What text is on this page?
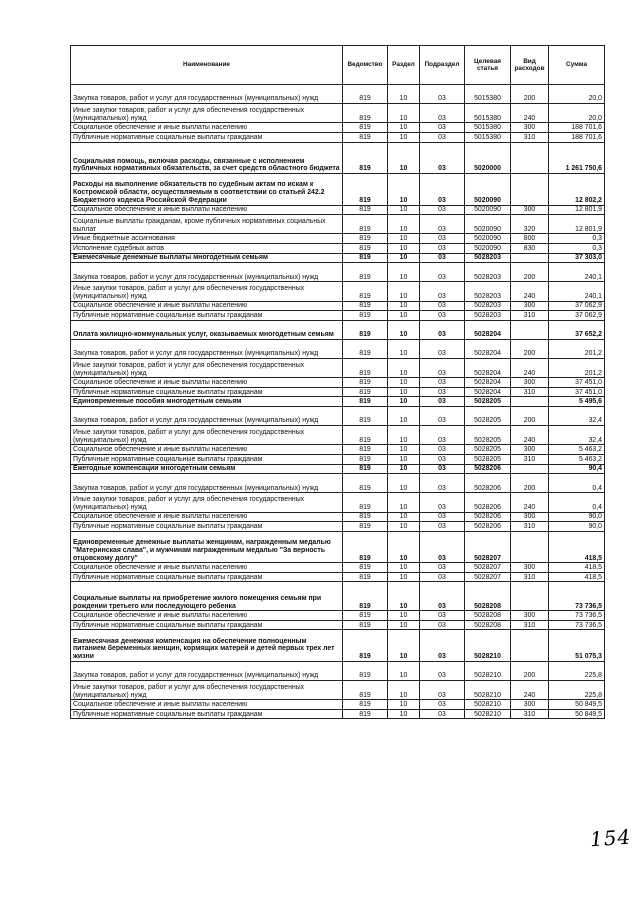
Наименование	Ведомство	Раздел	Подраздел	Целевая статья	Вид расходов	Сумма
Закупка товаров, работ и услуг для государственных (муниципальных) нужд	819	10	03	5015380	200	20,0
Иные закупки товаров, работ и услуг для обеспечения государственных (муниципальных) нужд	819	10	03	5015380	240	20,0
Социальное обеспечение и иные выплаты населению	819	10	03	5015380	300	188 701,6
Публичные нормативные социальные выплаты гражданам	819	10	03	5015380	310	188 701,6
Социальная помощь, включая расходы, связанные с исполнением публичных нормативных обязательств, за счет средств областного бюджета	819	10	03	5020000		1 261 750,6
Расходы на выполнение обязательств по судебным актам по искам к Костромской области, осуществляемым в соответствии со статьей 242.2 Бюджетного кодекса Российской Федерации	819	10	03	5020090		12 802,2
Социальное обеспечение и иные выплаты населению	819	10	03	5020090	300	12 801,9
Социальные выплаты гражданам, кроме публичных нормативных социальных выплат	819	10	03	5020090	320	12 801,9
Иные бюджетные ассигнования	819	10	03	5020090	800	0,3
Исполнение судебных актов	819	10	03	5020090	830	0,3
Ежемесячные денежные выплаты многодетным семьям	819	10	03	5028203		37 303,0
Закупка товаров, работ и услуг для государственных (муниципальных) нужд	819	10	03	5028203	200	240,1
Иные закупки товаров, работ и услуг для обеспечения государственных (муниципальных) нужд	819	10	03	5028203	240	240,1
Социальное обеспечение и иные выплаты населению	819	10	03	5028203	300	37 062,9
Публичные нормативные социальные выплаты гражданам	819	10	03	5028203	310	37 062,9
Оплата жилищно-коммунальных услуг, оказываемых многодетным семьям	819	10	03	5028204		37 652,2
Закупка товаров, работ и услуг для государственных (муниципальных) нужд	819	10	03	5028204	200	201,2
Иные закупки товаров, работ и услуг для обеспечения государственных (муниципальных) нужд	819	10	03	5028204	240	201,2
Социальное обеспечение и иные выплаты населению	819	10	03	5028204	300	37 451,0
Публичные нормативные социальные выплаты гражданам	819	10	03	5028204	310	37 451,0
Единовременные пособия многодетным семьям	819	10	03	5028205		5 495,6
Закупка товаров, работ и услуг для государственных (муниципальных) нужд	819	10	03	5028205	200	32,4
Иные закупки товаров, работ и услуг для обеспечения государственных (муниципальных) нужд	819	10	03	5028205	240	32,4
Социальное обеспечение и иные выплаты населению	819	10	03	5028205	300	5 463,2
Публичные нормативные социальные выплаты гражданам	819	10	03	5028205	310	5 463,2
Ежегодные компенсации многодетным семьям	819	10	03	5028206		90,4
Закупка товаров, работ и услуг для государственных (муниципальных) нужд	819	10	03	5028206	200	0,4
Иные закупки товаров, работ и услуг для обеспечения государственных (муниципальных) нужд	819	10	03	5028206	240	0,4
Социальное обеспечение и иные выплаты населению	819	10	03	5028206	300	90,0
Публичные нормативные социальные выплаты гражданам	819	10	03	5028206	310	90,0
Единовременные денежные выплаты женщинам, награжденным медалью "Материнская слава", и мужчинам награжденным медалью "За верность отцовскому долгу"	819	10	03	5028207		418,5
Социальное обеспечение и иные выплаты населению	819	10	03	5028207	300	418,5
Публичные нормативные социальные выплаты гражданам	819	10	03	5028207	310	418,5
Социальные выплаты на приобретение жилого помещения семьям при рождении третьего или последующего ребенка	819	10	03	5028208		73 736,5
Социальное обеспечение и иные выплаты населению	819	10	03	5028208	300	73 736,5
Публичные нормативные социальные выплаты гражданам	819	10	03	5028208	310	73 736,5
Ежемесячная денежная компенсация на обеспечение полноценным питанием беременных женщин, кормящих матерей и детей первых трех лет жизни	819	10	03	5028210		51 075,3
Закупка товаров, работ и услуг для государственных (муниципальных) нужд	819	10	03	5028210	200	225,8
Иные закупки товаров, работ и услуг для обеспечения государственных (муниципальных) нужд	819	10	03	5028210	240	225,8
Социальное обеспечение и иные выплаты населению	819	10	03	5028210	300	50 849,5
Публичные нормативные социальные выплаты гражданам	819	10	03	5028210	310	50 849,5
154
